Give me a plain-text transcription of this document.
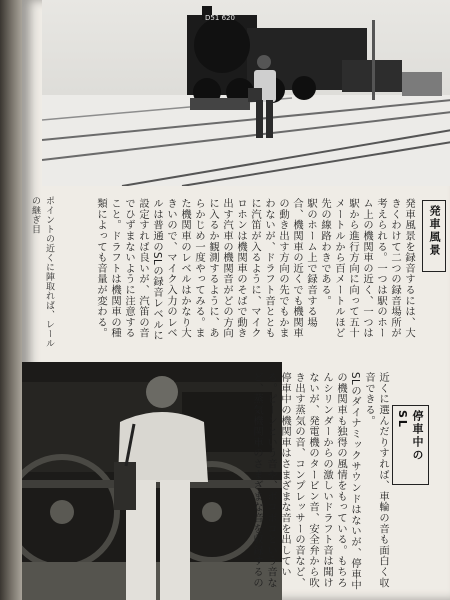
D51 620
ポイントの近くに陣取れば、レールの継ぎ目	発車風景
発車風景を録音するには、大きくわけて二つの録音場所が考えられる。一つは駅のホーム上の機関車の近く、一つは駅から進行方向に向って五十メートルから百メートルほど先の線路わきである。
駅のホーム上で録音する場合、機関車の近くでも機関車の動き出す方向の先でもかまわないが、ドラフト音とともに汽笛が入るように、マイクロホンは機関車のそばで動き出す汽車の機関音がどの方向に入るか観測するように、あらかじめ一度やってみる。また機関車のレベルはかなり大きいので、マイク入力のレベルは普通のSLの録音レベルに設定すれば良いが、汽笛の音でひずまないように注意すること。ドラフトは機関車の種類によっても音量が変わる。

停車中のSL
近くに選んだりすれば、車輪の音も面白く収音できる。
SLのダイナミックサウンドはないが、停車中の機関車も独得の風情をもっている。もちろんシリンダーからの激しいドラフト音は聞けないが、発電機のタービン音、安全弁から吹き出す蒸気の音、コンプレッサーの音など、停車中の機関車はさまざまな音を出している。ピーンという音や、ボコボコという音など、蒸気機関車のさまざまな音を収録するの
